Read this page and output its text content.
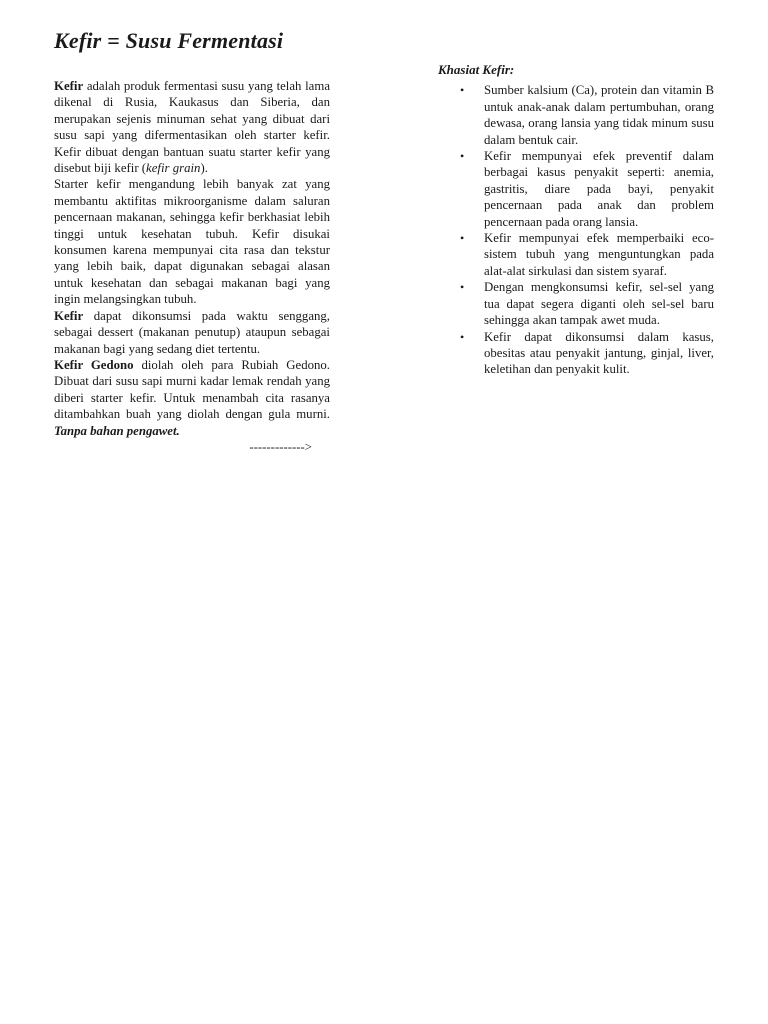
Kefir = Susu Fermentasi

Kefir adalah produk fermentasi susu yang telah lama dikenal di Rusia, Kaukasus dan Siberia, dan merupakan sejenis minuman sehat yang dibuat dari susu sapi yang difermentasikan oleh starter kefir. Kefir dibuat dengan bantuan suatu starter kefir yang disebut biji kefir (kefir grain).

Starter kefir mengandung lebih banyak zat yang membantu aktifitas mikroorganisme dalam saluran pencernaan makanan, sehingga kefir berkhasiat lebih tinggi untuk kesehatan tubuh. Kefir disukai konsumen karena mempunyai cita rasa dan tekstur yang lebih baik, dapat digunakan sebagai alasan untuk kesehatan dan sebagai makanan bagi yang ingin melangsingkan tubuh.

Kefir dapat dikonsumsi pada waktu senggang, sebagai dessert (makanan penutup) ataupun sebagai makanan bagi yang sedang diet tertentu.

Kefir Gedono diolah oleh para Rubiah Gedono. Dibuat dari susu sapi murni kadar lemak rendah yang diberi starter kefir. Untuk menambah cita rasanya ditambahkan buah yang diolah dengan gula murni. Tanpa bahan pengawet.

------------->

Khasiat Kefir:

• Sumber kalsium (Ca), protein dan vitamin B untuk anak-anak dalam pertumbuhan, orang dewasa, orang lansia yang tidak minum susu dalam bentuk cair.
• Kefir mempunyai efek preventif dalam berbagai kasus penyakit seperti: anemia, gastritis, diare pada bayi, penyakit pencernaan pada anak dan problem pencernaan pada orang lansia.
• Kefir mempunyai efek memperbaiki eco-sistem tubuh yang menguntungkan pada alat-alat sirkulasi dan sistem syaraf.
• Dengan mengkonsumsi kefir, sel-sel yang tua dapat segera diganti oleh sel-sel baru sehingga akan tampak awet muda.
• Kefir dapat dikonsumsi dalam kasus, obesitas atau penyakit jantung, ginjal, liver, keletihan dan penyakit kulit.
